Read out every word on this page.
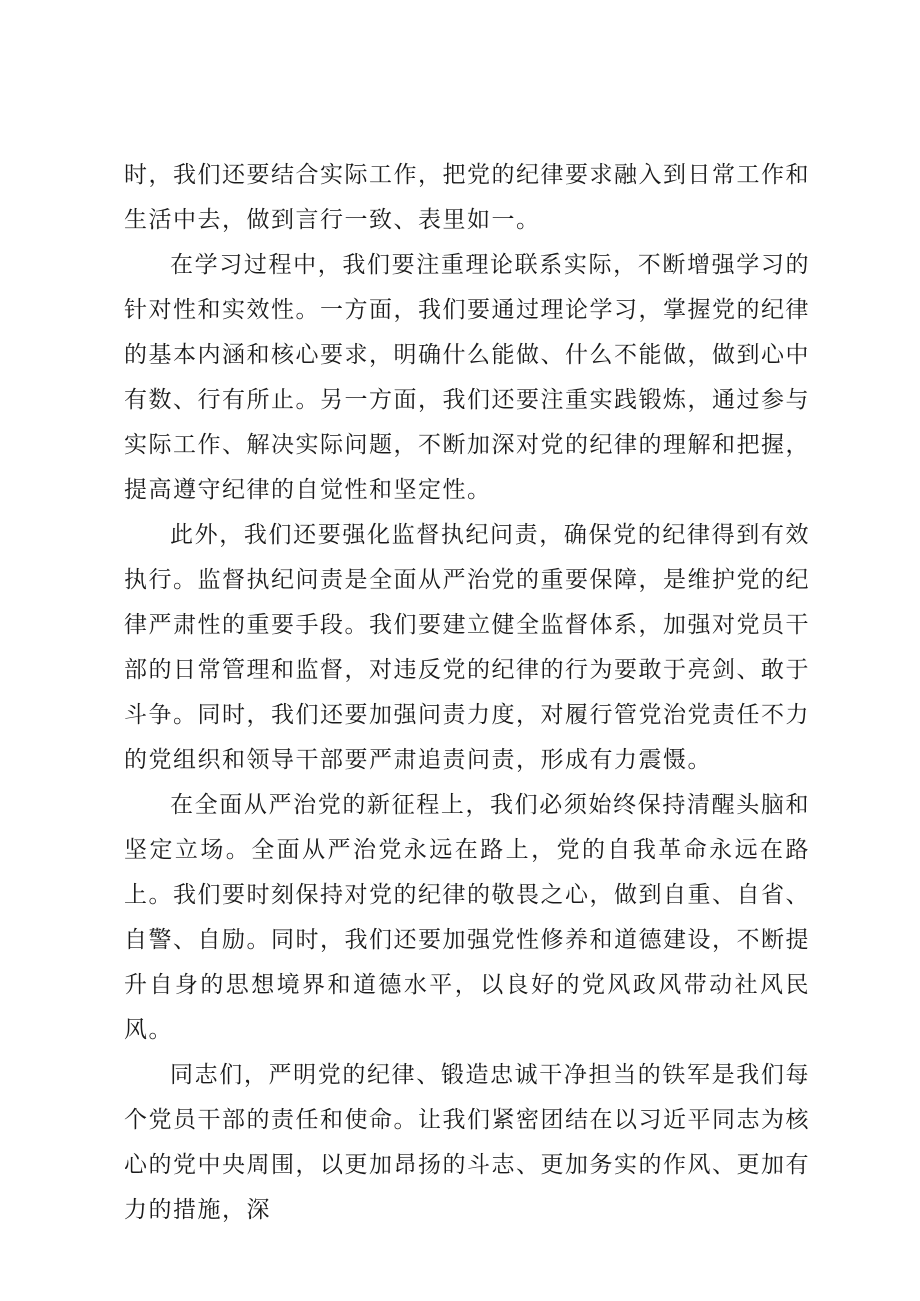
时，我们还要结合实际工作，把党的纪律要求融入到日常工作和生活中去，做到言行一致、表里如一。

在学习过程中，我们要注重理论联系实际，不断增强学习的针对性和实效性。一方面，我们要通过理论学习，掌握党的纪律的基本内涵和核心要求，明确什么能做、什么不能做，做到心中有数、行有所止。另一方面，我们还要注重实践锻炼，通过参与实际工作、解决实际问题，不断加深对党的纪律的理解和把握，提高遵守纪律的自觉性和坚定性。

此外，我们还要强化监督执纪问责，确保党的纪律得到有效执行。监督执纪问责是全面从严治党的重要保障，是维护党的纪律严肃性的重要手段。我们要建立健全监督体系，加强对党员干部的日常管理和监督，对违反党的纪律的行为要敢于亮剑、敢于斗争。同时，我们还要加强问责力度，对履行管党治党责任不力的党组织和领导干部要严肃追责问责，形成有力震慑。

在全面从严治党的新征程上，我们必须始终保持清醒头脑和坚定立场。全面从严治党永远在路上，党的自我革命永远在路上。我们要时刻保持对党的纪律的敬畏之心，做到自重、自省、自警、自励。同时，我们还要加强党性修养和道德建设，不断提升自身的思想境界和道德水平，以良好的党风政风带动社风民风。

同志们，严明党的纪律、锻造忠诚干净担当的铁军是我们每个党员干部的责任和使命。让我们紧密团结在以习近平同志为核心的党中央周围，以更加昂扬的斗志、更加务实的作风、更加有力的措施，深
